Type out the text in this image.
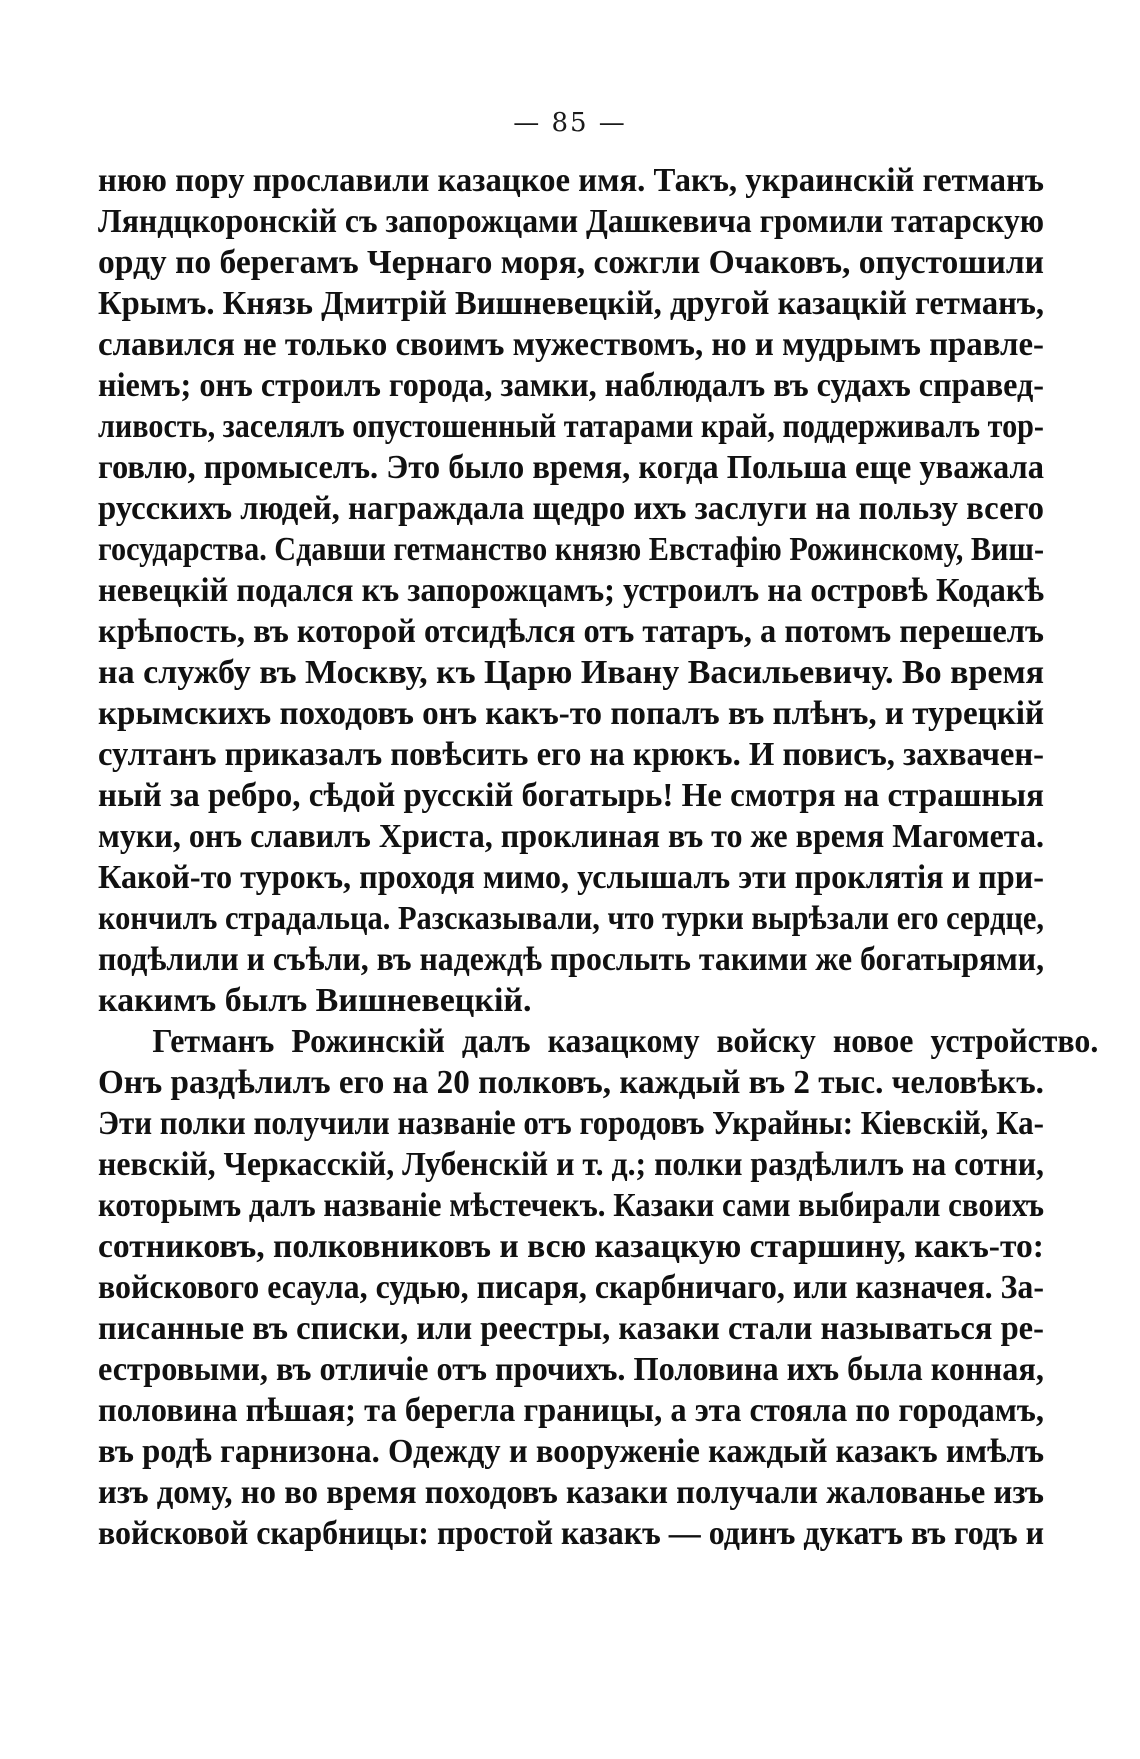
— 85 —
нюю пору прославили казацкое имя. Такъ, украинскій гетманъ
Ляндцкоронскій съ запорожцами Дашкевича громили татарскую
орду по берегамъ Чернаго моря, сожгли Очаковъ, опустошили
Крымъ. Князь Дмитрій Вишневецкій, другой казацкій гетманъ,
славился не только своимъ мужествомъ, но и мудрымъ правле-
ніемъ; онъ строилъ города, замки, наблюдалъ въ судахъ справед-
ливость, заселялъ опустошенный татарами край, поддерживалъ тор-
говлю, промыселъ. Это было время, когда Польша еще уважала
русскихъ людей, награждала щедро ихъ заслуги на пользу всего
государства. Сдавши гетманство князю Евстафію Рожинскому, Виш-
невецкій подался къ запорожцамъ; устроилъ на островѣ Кодакѣ
крѣпость, въ которой отсидѣлся отъ татаръ, а потомъ перешелъ
на службу въ Москву, къ Царю Ивану Васильевичу. Во время
крымскихъ походовъ онъ какъ-то попалъ въ плѣнъ, и турецкій
султанъ приказалъ повѣсить его на крюкъ. И повисъ, захвачен-
ный за ребро, сѣдой русскій богатырь! Не смотря на страшныя
муки, онъ славилъ Христа, проклиная въ то же время Магомета.
Какой-то турокъ, проходя мимо, услышалъ эти проклятія и при-
кончилъ страдальца. Разсказывали, что турки вырѣзали его сердце,
подѣлили и съѣли, въ надеждѣ прослыть такими же богатырями,
какимъ былъ Вишневецкій.
Гетманъ Рожинскій далъ казацкому войску новое устройство.
Онъ раздѣлилъ его на 20 полковъ, каждый въ 2 тыс. человѣкъ.
Эти полки получили названіе отъ городовъ Украйны: Кіевскій, Ка-
невскій, Черкасскій, Лубенскій и т. д.; полки раздѣлилъ на сотни,
которымъ далъ названіе мѣстечекъ. Казаки сами выбирали своихъ
сотниковъ, полковниковъ и всю казацкую старшину, какъ-то:
войскового есаула, судью, писаря, скарбничаго, или казначея. За-
писанные въ списки, или реестры, казаки стали называться ре-
естровыми, въ отличіе отъ прочихъ. Половина ихъ была конная,
половина пѣшая; та берегла границы, а эта стояла по городамъ,
въ родѣ гарнизона. Одежду и вооруженіе каждый казакъ имѣлъ
изъ дому, но во время походовъ казаки получали жалованье изъ
войсковой скарбницы: простой казакъ — одинъ дукатъ въ годъ и
